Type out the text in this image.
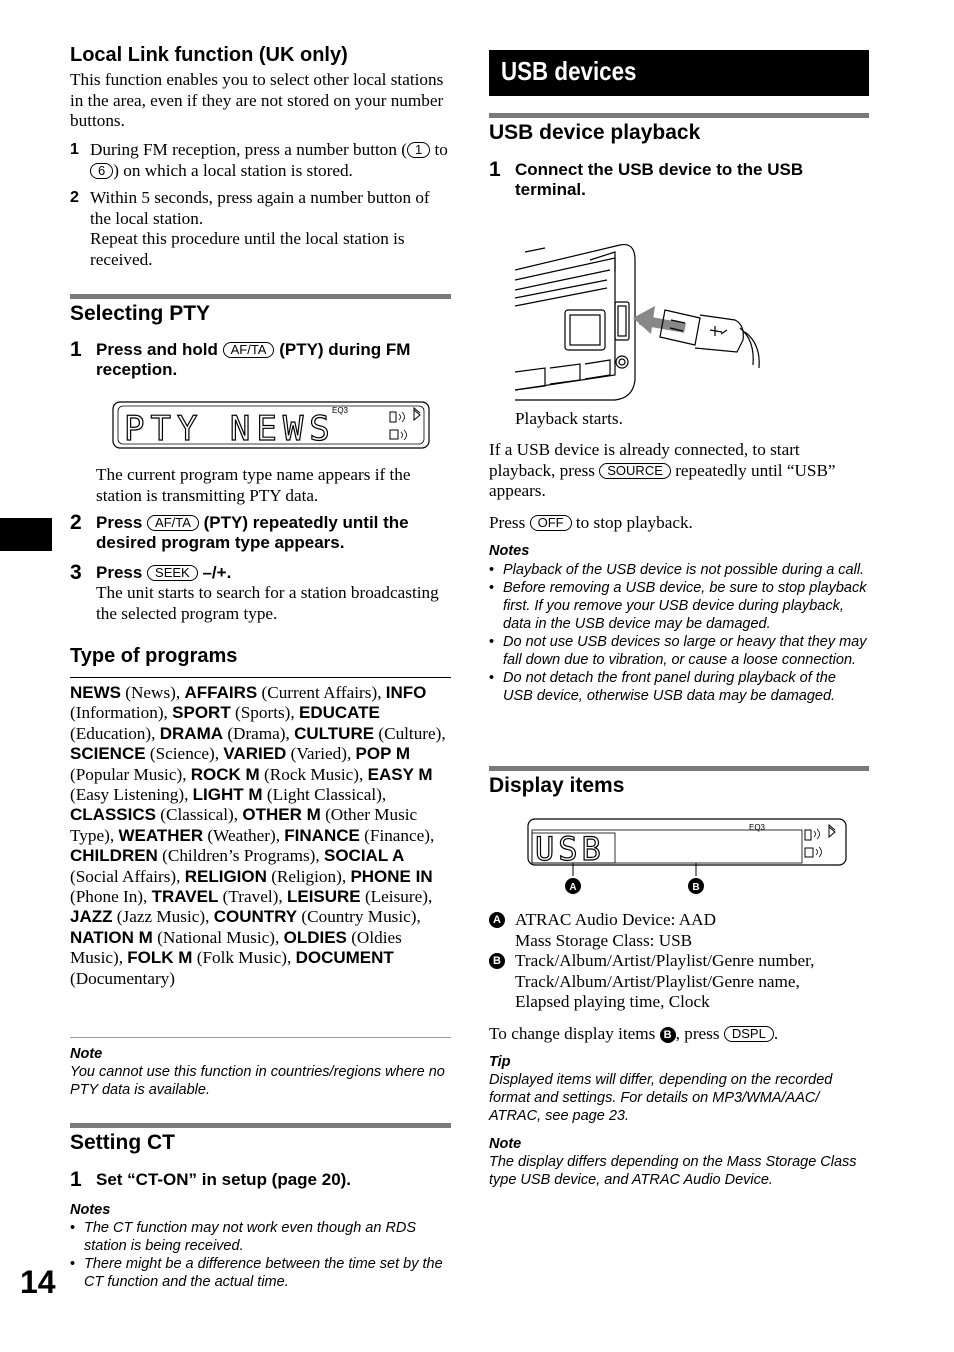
14
Local Link function (UK only)
This function enables you to select other local stations in the area, even if they are not stored on your number buttons.
1 During FM reception, press a number button ( 1 to 6 ) on which a local station is stored.
2 Within 5 seconds, press again a number button of the local station.
Repeat this procedure until the local station is received.
Selecting PTY
1 Press and hold AF/TA (PTY) during FM reception.
PTY NEWS
EQ3
The current program type name appears if the station is transmitting PTY data.
2 Press AF/TA (PTY) repeatedly until the desired program type appears.
3 Press SEEK –/+.
The unit starts to search for a station broadcasting the selected program type.
Type of programs
NEWS (News), AFFAIRS (Current Affairs), INFO (Information), SPORT (Sports), EDUCATE (Education), DRAMA (Drama), CULTURE (Culture), SCIENCE (Science), VARIED (Varied), POP M (Popular Music), ROCK M (Rock Music), EASY M (Easy Listening), LIGHT M (Light Classical), CLASSICS (Classical), OTHER M (Other Music Type), WEATHER (Weather), FINANCE (Finance), CHILDREN (Children’s Programs), SOCIAL A (Social Affairs), RELIGION (Religion), PHONE IN (Phone In), TRAVEL (Travel), LEISURE (Leisure), JAZZ (Jazz Music), COUNTRY (Country Music), NATION M (National Music), OLDIES (Oldies Music), FOLK M (Folk Music), DOCUMENT (Documentary)
Note
You cannot use this function in countries/regions where no PTY data is available.
Setting CT
1 Set “CT-ON” in setup (page 20).
Notes
• The CT function may not work even though an RDS station is being received.
• There might be a difference between the time set by the CT function and the actual time.
USB devices
USB device playback
1 Connect the USB device to the USB terminal.
Playback starts.
If a USB device is already connected, to start playback, press SOURCE repeatedly until “USB” appears.
Press OFF to stop playback.
Notes
• Playback of the USB device is not possible during a call.
• Before removing a USB device, be sure to stop playback first. If you remove your USB device during playback, data in the USB device may be damaged.
• Do not use USB devices so large or heavy that they may fall down due to vibration, or cause a loose connection.
• Do not detach the front panel during playback of the USB device, otherwise USB data may be damaged.
Display items
USB
EQ3
A	B
A ATRAC Audio Device: AAD
Mass Storage Class: USB
B Track/Album/Artist/Playlist/Genre number,
Track/Album/Artist/Playlist/Genre name,
Elapsed playing time, Clock
To change display items B , press DSPL .
Tip
Displayed items will differ, depending on the recorded format and settings. For details on MP3/WMA/AAC/ ATRAC, see page 23.
Note
The display differs depending on the Mass Storage Class type USB device, and ATRAC Audio Device.
